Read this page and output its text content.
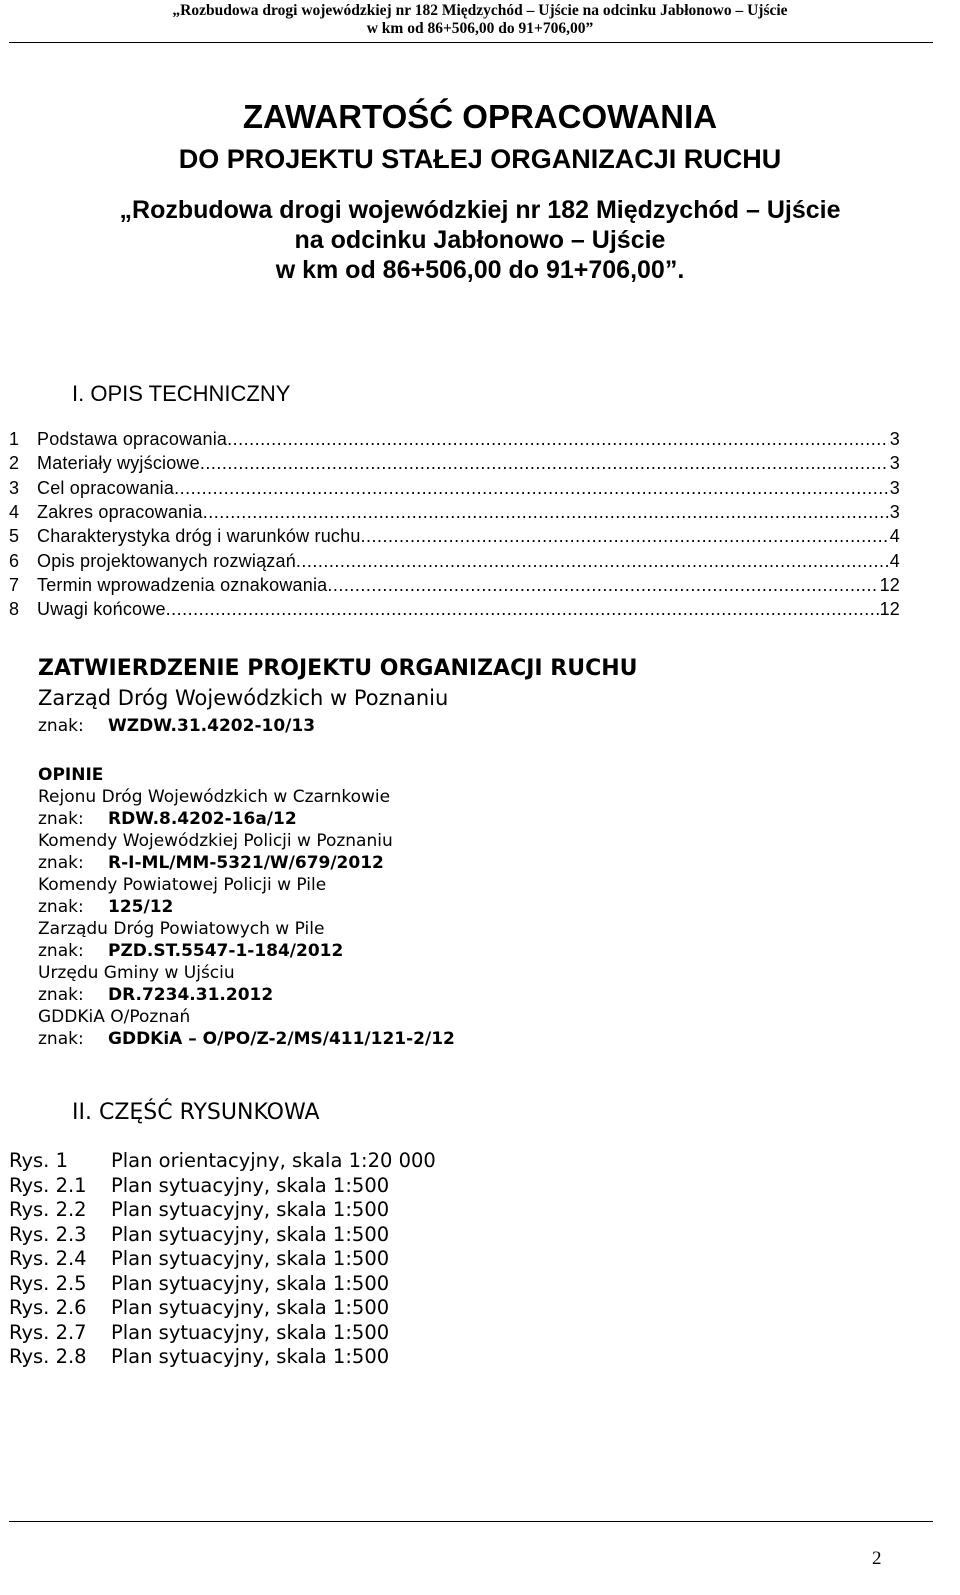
„Rozbudowa drogi wojewódzkiej nr 182 Międzychód – Ujście na odcinku Jabłonowo – Ujście
w km od 86+506,00 do 91+706,00”
ZAWARTOŚĆ OPRACOWANIA
DO PROJEKTU STAŁEJ ORGANIZACJI RUCHU
„Rozbudowa drogi wojewódzkiej nr 182 Międzychód – Ujście
na odcinku Jabłonowo – Ujście
w km od 86+506,00 do 91+706,00”.
I. OPIS TECHNICZNY
1 Podstawa opracowania .....	3
2 Materiały wyjściowe .....	3
3 Cel opracowania .....	3
4 Zakres opracowania .....	3
5 Charakterystyka dróg i warunków ruchu .....	4
6 Opis projektowanych rozwiązań .....	4
7 Termin wprowadzenia oznakowania .....	12
8 Uwagi końcowe .....	12
ZATWIERDZENIE PROJEKTU ORGANIZACJI RUCHU
Zarząd Dróg Wojewódzkich w Poznaniu
znak: WZDW.31.4202-10/13
OPINIE
Rejonu Dróg Wojewódzkich w Czarnkowie
znak: RDW.8.4202-16a/12
Komendy Wojewódzkiej Policji w Poznaniu
znak: R-I-ML/MM-5321/W/679/2012
Komendy Powiatowej Policji w Pile
znak: 125/12
Zarządu Dróg Powiatowych w Pile
znak: PZD.ST.5547-1-184/2012
Urzędu Gminy w Ujściu
znak: DR.7234.31.2012
GDDKiA O/Poznań
znak: GDDKiA – O/PO/Z-2/MS/411/121-2/12
II. CZĘŚĆ RYSUNKOWA
Rys. 1 Plan orientacyjny, skala 1:20 000
Rys. 2.1 Plan sytuacyjny, skala 1:500
Rys. 2.2 Plan sytuacyjny, skala 1:500
Rys. 2.3 Plan sytuacyjny, skala 1:500
Rys. 2.4 Plan sytuacyjny, skala 1:500
Rys. 2.5 Plan sytuacyjny, skala 1:500
Rys. 2.6 Plan sytuacyjny, skala 1:500
Rys. 2.7 Plan sytuacyjny, skala 1:500
Rys. 2.8 Plan sytuacyjny, skala 1:500
2
